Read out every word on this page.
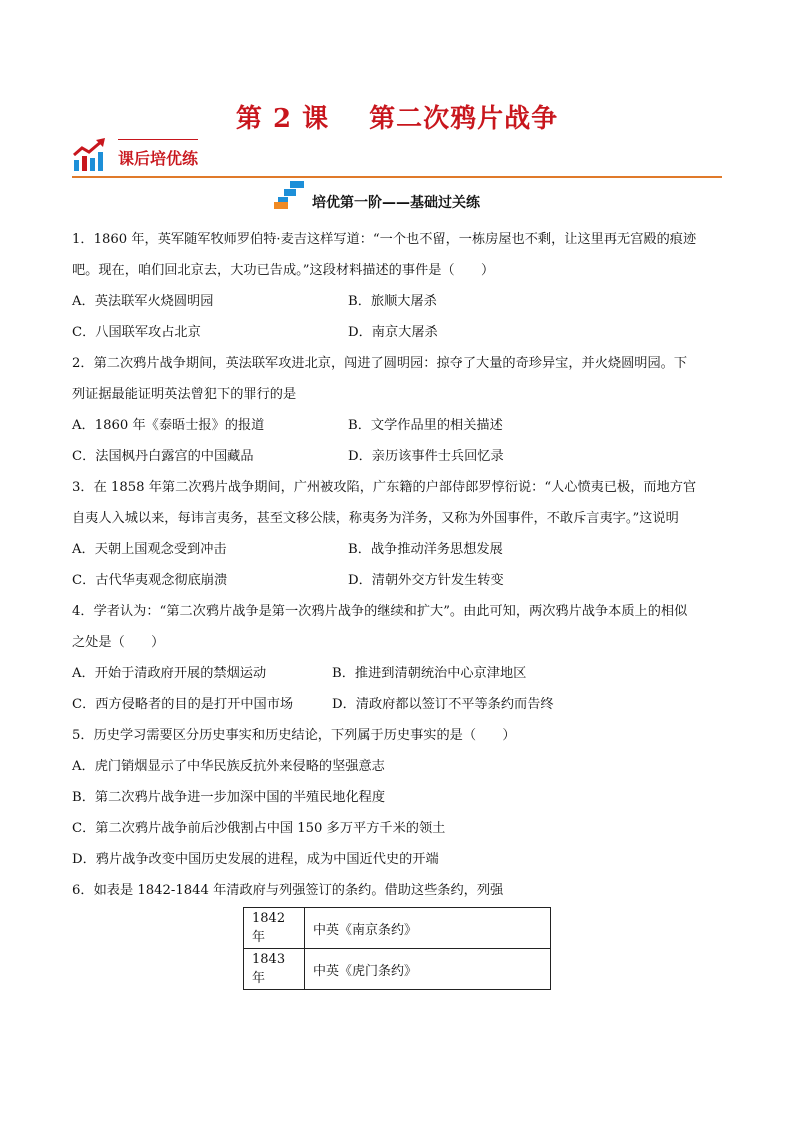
第 2 课 第二次鸦片战争
课后培优练
培优第一阶——基础过关练
1．1860 年，英军随军牧师罗伯特·麦吉这样写道：“一个也不留，一栋房屋也不剩，让这里再无宫殿的痕迹
吧。现在，咱们回北京去，大功已告成。”这段材料描述的事件是（　　）
A．英法联军火烧圆明园	B．旅顺大屠杀
C．八国联军攻占北京	D．南京大屠杀
2．第二次鸦片战争期间，英法联军攻进北京，闯进了圆明园：掠夺了大量的奇珍异宝，并火烧圆明园。下
列证据最能证明英法曾犯下的罪行的是
A．1860 年《泰晤士报》的报道	B．文学作品里的相关描述
C．法国枫丹白露宫的中国藏品	D．亲历该事件士兵回忆录
3．在 1858 年第二次鸦片战争期间，广州被攻陷，广东籍的户部侍郎罗惇衍说：“人心愤夷已极，而地方官
自夷人入城以来，每讳言夷务，甚至文移公牍，称夷务为洋务，又称为外国事件，不敢斥言夷字。”这说明
A．天朝上国观念受到冲击	B．战争推动洋务思想发展
C．古代华夷观念彻底崩溃	D．清朝外交方针发生转变
4．学者认为：“第二次鸦片战争是第一次鸦片战争的继续和扩大”。由此可知，两次鸦片战争本质上的相似
之处是（　　）
A．开始于清政府开展的禁烟运动	B．推进到清朝统治中心京津地区
C．西方侵略者的目的是打开中国市场	D．清政府都以签订不平等条约而告终
5．历史学习需要区分历史事实和历史结论，下列属于历史事实的是（　　）
A．虎门销烟显示了中华民族反抗外来侵略的坚强意志
B．第二次鸦片战争进一步加深中国的半殖民地化程度
C．第二次鸦片战争前后沙俄割占中国 150 多万平方千米的领土
D．鸦片战争改变中国历史发展的进程，成为中国近代史的开端
6．如表是 1842-1844 年清政府与列强签订的条约。借助这些条约，列强
1842 年	中英《南京条约》
1843 年	中英《虎门条约》
